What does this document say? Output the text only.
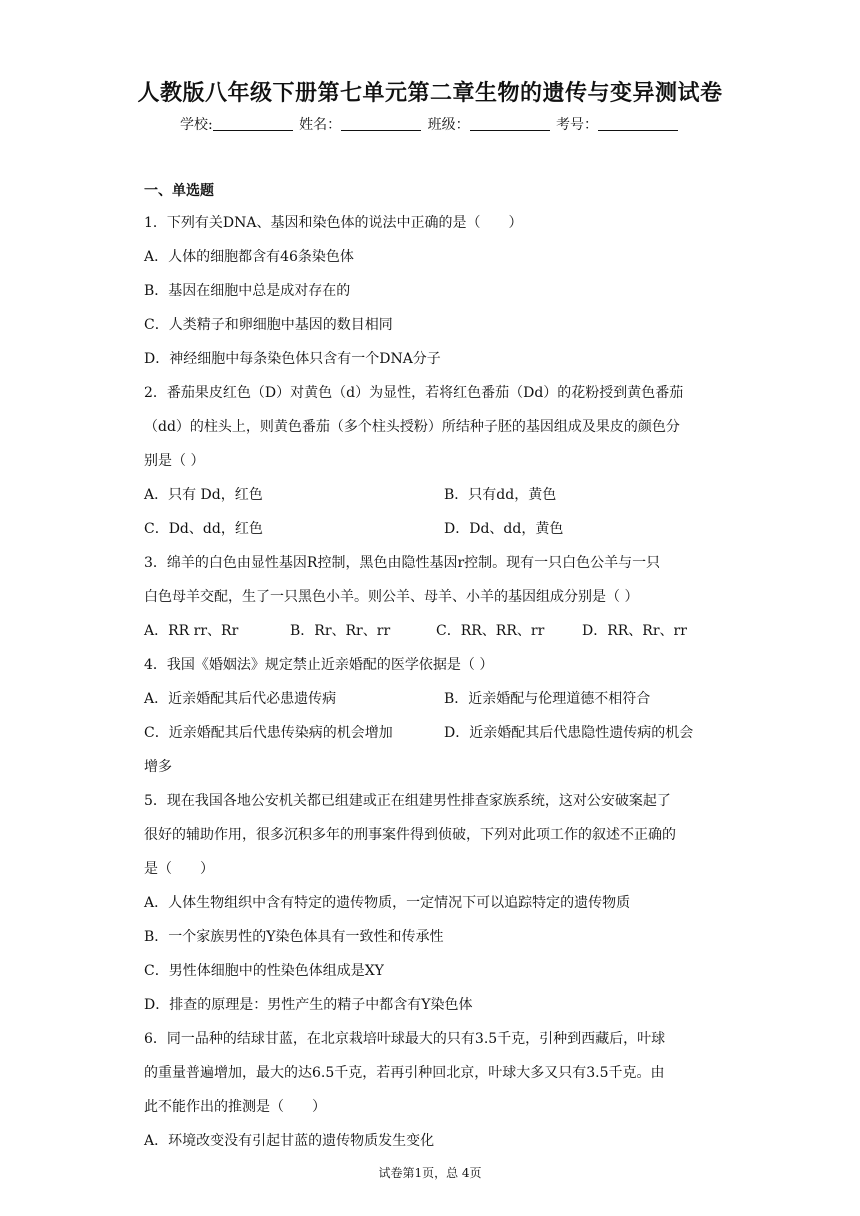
人教版八年级下册第七单元第二章生物的遗传与变异测试卷
学校:	姓名：	班级：	考号：
一、单选题
1．下列有关DNA、基因和染色体的说法中正确的是（　　）
A．人体的细胞都含有46条染色体
B．基因在细胞中总是成对存在的
C．人类精子和卵细胞中基因的数目相同
D．神经细胞中每条染色体只含有一个DNA分子
2．番茄果皮红色（D）对黄色（d）为显性，若将红色番茄（Dd）的花粉授到黄色番茄
（dd）的柱头上，则黄色番茄（多个柱头授粉）所结种子胚的基因组成及果皮的颜色分
别是（ ）
A．只有 Dd，红色	B．只有dd，黄色
C．Dd、dd，红色	D．Dd、dd，黄色
3．绵羊的白色由显性基因R控制，黑色由隐性基因r控制。现有一只白色公羊与一只
白色母羊交配，生了一只黑色小羊。则公羊、母羊、小羊的基因组成分别是（ ）
A．RR rr、Rr	B．Rr、Rr、rr	C．RR、RR、rr	D．RR、Rr、rr
4．我国《婚姻法》规定禁止近亲婚配的医学依据是（ ）
A．近亲婚配其后代必患遗传病	B．近亲婚配与伦理道德不相符合
C．近亲婚配其后代患传染病的机会增加	D．近亲婚配其后代患隐性遗传病的机会
增多
5．现在我国各地公安机关都已组建或正在组建男性排查家族系统，这对公安破案起了
很好的辅助作用，很多沉积多年的刑事案件得到侦破，下列对此项工作的叙述不正确的
是（　　）
A．人体生物组织中含有特定的遗传物质，一定情况下可以追踪特定的遗传物质
B．一个家族男性的Y染色体具有一致性和传承性
C．男性体细胞中的性染色体组成是XY
D．排查的原理是：男性产生的精子中都含有Y染色体
6．同一品种的结球甘蓝，在北京栽培叶球最大的只有3.5千克，引种到西藏后，叶球
的重量普遍增加，最大的达6.5千克，若再引种回北京，叶球大多又只有3.5千克。由
此不能作出的推测是（　　）
A．环境改变没有引起甘蓝的遗传物质发生变化
试卷第1页，总 4页
